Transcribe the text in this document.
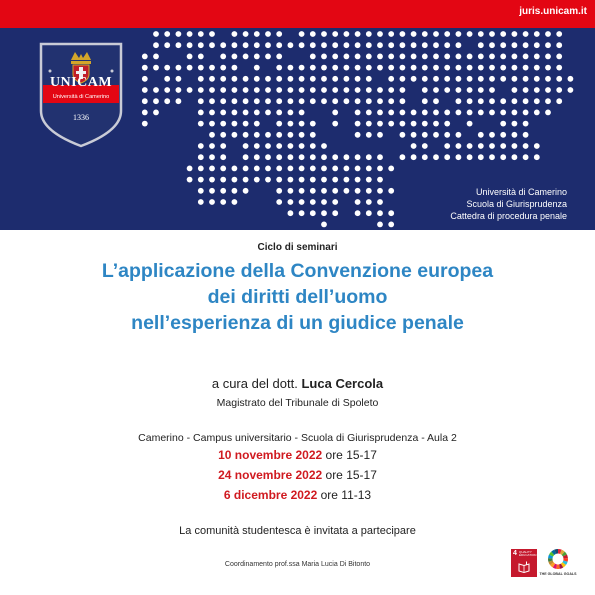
juris.unicam.it
UNICAM
Università di Camerino
1336
Università di Camerino
Scuola di Giurisprudenza
Cattedra di procedura penale
Ciclo di seminari
L’applicazione della Convenzione europea
dei diritti dell’uomo
nell’esperienza di un giudice penale
a cura del dott. Luca Cercola
Magistrato del Tribunale di Spoleto
Camerino - Campus universitario - Scuola di Giurisprudenza - Aula 2
10 novembre 2022 ore 15-17
24 novembre 2022 ore 15-17
6 dicembre 2022 ore 11-13
La comunità studentesca è invitata a partecipare
Coordinamento prof.ssa Maria Lucia Di Bitonto
4 QUALITY EDUCATION
THE GLOBAL GOALS
